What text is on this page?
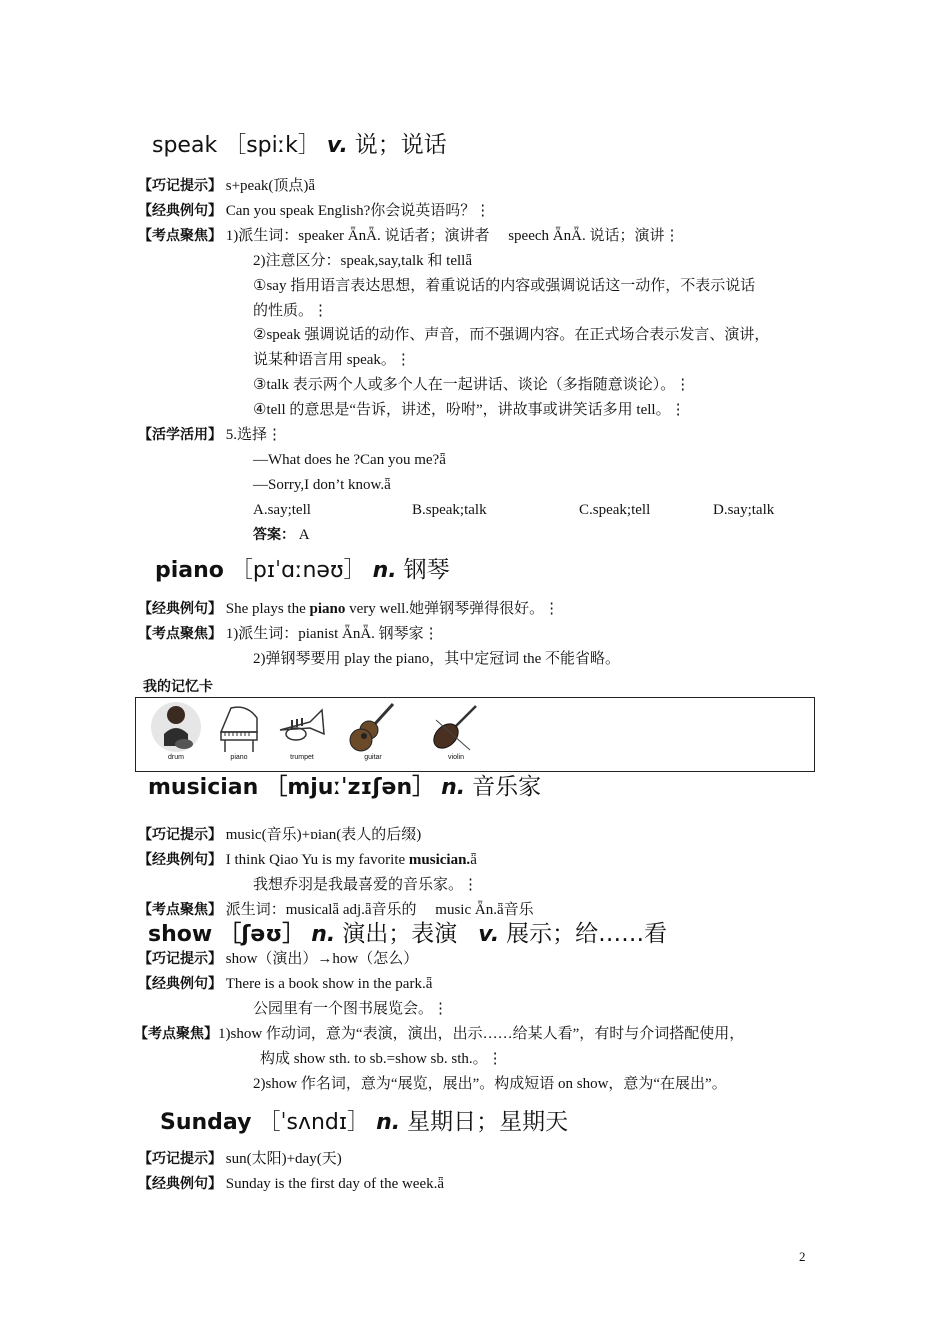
speak ［spiːk］ v. 说；说话
【巧记提示】 s+peak(顶点)ǟ
【经典例句】 Can you speak English?你会说英语吗？⋮
【考点聚焦】 1)派生词：speaker ǞnǞ. 说话者；演讲者　 speech ǞnǞ. 说话；演讲⋮
2)注意区分：speak,say,talk 和 tellǟ
①say 指用语言表达思想，着重说话的内容或强调说话这一动作，不表示说话
的性质。⋮
②speak 强调说话的动作、声音，而不强调内容。在正式场合表示发言、演讲，
说某种语言用 speak。⋮
③talk 表示两个人或多个人在一起讲话、谈论（多指随意谈论）。⋮
④tell 的意思是“告诉，讲述，吩咐”，讲故事或讲笑话多用 tell。⋮
【活学活用】 5.选择⋮
—What does he ?Can you me?ǟ
—Sorry,I don’t know.ǟ
A.say;tell	B.speak;talk	C.speak;tell	D.say;talk
答案： A
piano ［pɪˈɑːnəʊ］ n. 钢琴
【经典例句】 She plays the piano very well.她弹钢琴弹得很好。⋮
【考点聚焦】 1)派生词：pianist ǞnǞ. 钢琴家⋮
2)弹钢琴要用 play the piano，其中定冠词 the 不能省略。
我的记忆卡
drum	piano	trumpet	guitar	violin
musician ［mjuːˈzɪʃən］ n. 音乐家
【巧记提示】 music(音乐)+ɒian(表人的后缀)
【经典例句】 I think Qiao Yu is my favorite musician.ǟ
我想乔羽是我最喜爱的音乐家。⋮
【考点聚焦】 派生词：musicalǟ adj.ǟ音乐的　 music Ǟn.ǟ音乐
show ［ʃəʊ］ n. 演出；表演 v. 展示；给……看
【巧记提示】 show（演出）→how（怎么）
【经典例句】 There is a book show in the park.ǟ
公园里有一个图书展览会。⋮
【考点聚焦】1)show 作动词，意为“表演，演出，出示……给某人看”，有时与介词搭配使用，
构成 show sth. to sb.=show sb. sth.。⋮
2)show 作名词，意为“展览，展出”。构成短语 on show，意为“在展出”。
Sunday ［ˈsʌndɪ］ n. 星期日；星期天
【巧记提示】 sun(太阳)+day(天)
【经典例句】 Sunday is the first day of the week.ǟ
2
